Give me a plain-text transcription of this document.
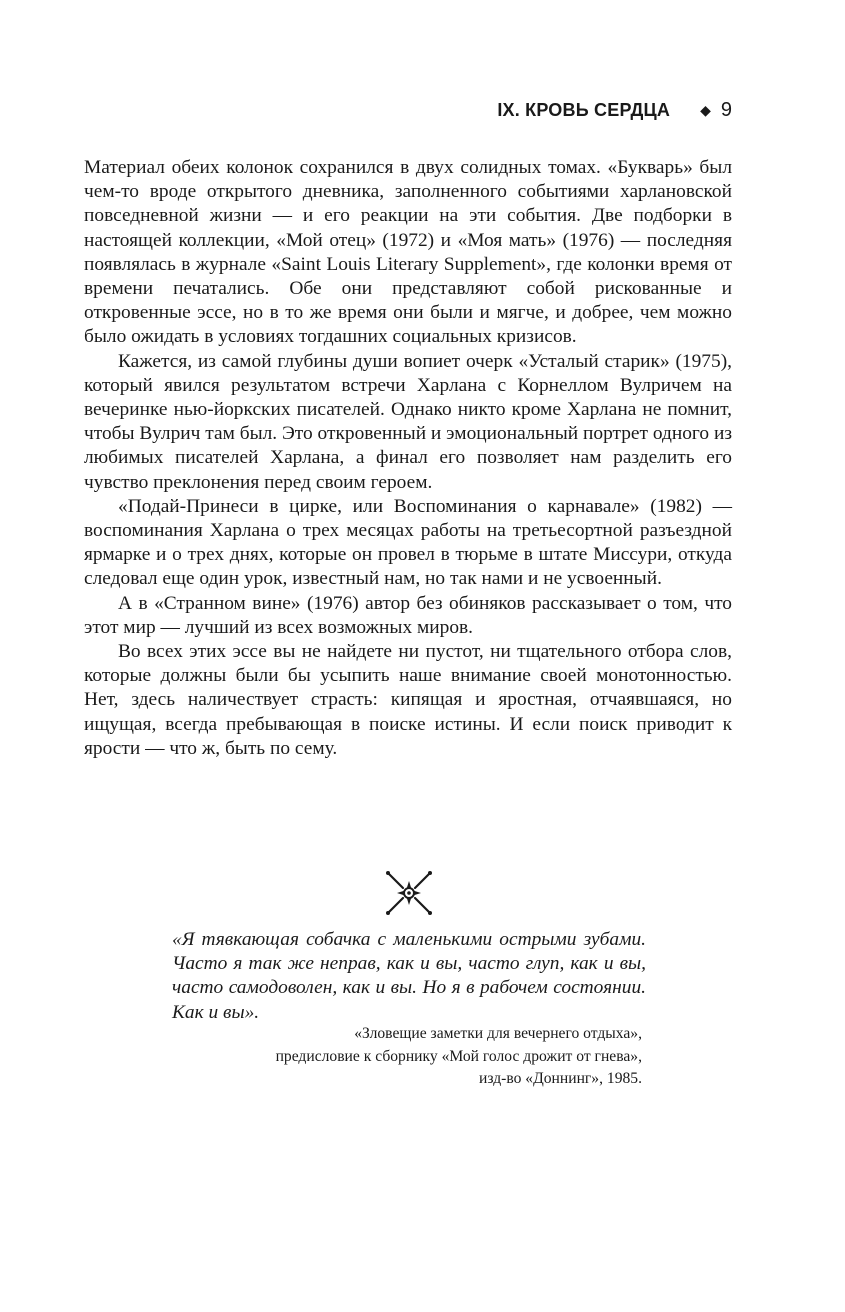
IX. КРОВЬ СЕРДЦА ◆ 9

Материал обеих колонок сохранился в двух солидных томах. «Букварь» был чем-то вроде открытого дневника, заполненного событиями харлановской повседневной жизни — и его реакции на эти события. Две подборки в настоящей коллекции, «Мой отец» (1972) и «Моя мать» (1976) — последняя появлялась в журнале «Saint Louis Literary Supplement», где колонки время от времени печатались. Обе они представляют собой рискованные и откровенные эссе, но в то же время они были и мягче, и добрее, чем можно было ожидать в условиях тогдашних социальных кризисов.

Кажется, из самой глубины души вопиет очерк «Усталый старик» (1975), который явился результатом встречи Харлана с Корнеллом Вулричем на вечеринке нью-йоркских писателей. Однако никто кроме Харлана не помнит, чтобы Вулрич там был. Это откровенный и эмоциональный портрет одного из любимых писателей Харлана, а финал его позволяет нам разделить его чувство преклонения перед своим героем.

«Подай-Принеси в цирке, или Воспоминания о карнавале» (1982) — воспоминания Харлана о трех месяцах работы на третьесортной разъездной ярмарке и о трех днях, которые он провел в тюрьме в штате Миссури, откуда следовал еще один урок, известный нам, но так нами и не усвоенный.

А в «Странном вине» (1976) автор без обиняков рассказывает о том, что этот мир — лучший из всех возможных миров.

Во всех этих эссе вы не найдете ни пустот, ни тщательного отбора слов, которые должны были бы усыпить наше внимание своей монотонностью. Нет, здесь наличествует страсть: кипящая и яростная, отчаявшаяся, но ищущая, всегда пребывающая в поиске истины. И если поиск приводит к ярости — что ж, быть по сему.

«Я тявкающая собачка с маленькими острыми зубами. Часто я так же неправ, как и вы, часто глуп, как и вы, часто самодоволен, как и вы. Но я в рабочем состоянии. Как и вы».
«Зловещие заметки для вечернего отдыха»,
предисловие к сборнику «Мой голос дрожит от гнева»,
изд-во «Доннинг», 1985.
